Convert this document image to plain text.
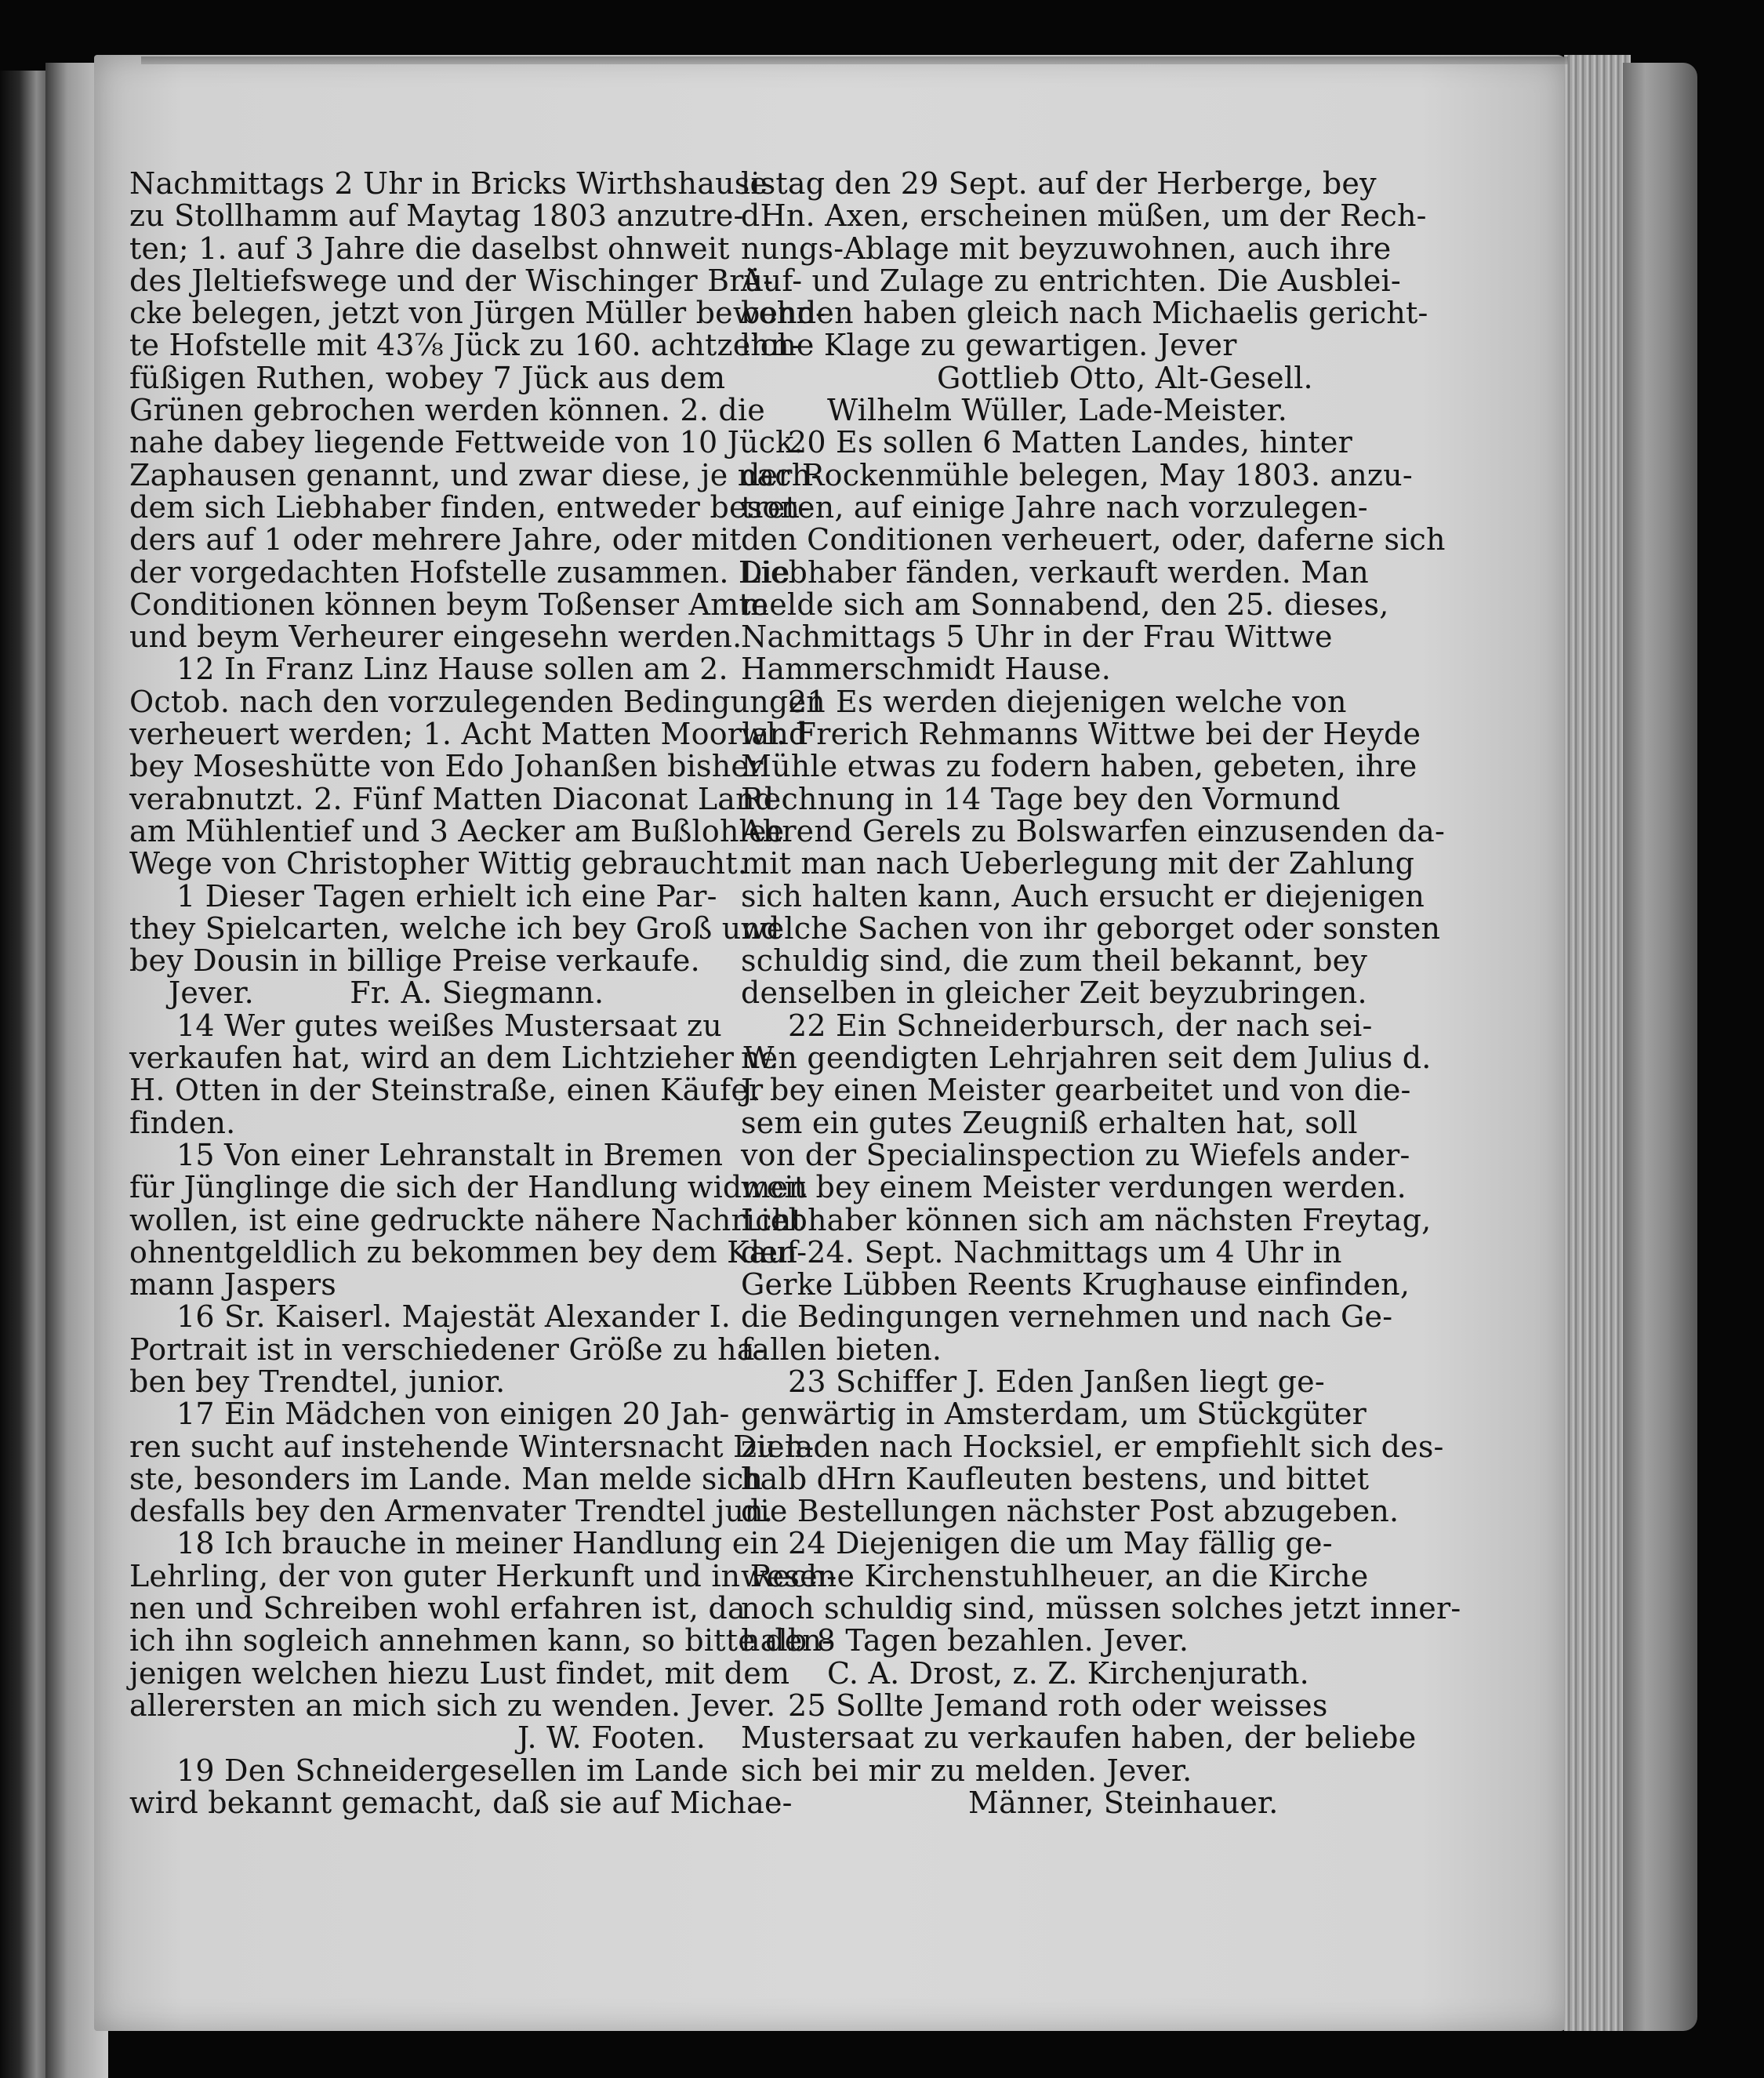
Nachmittags 2 Uhr in Bricks Wirthshause
zu Stollhamm auf Maytag 1803 anzutre-
ten; 1. auf 3 Jahre die daselbst ohnweit
des Jleltiefswege und der Wischinger Brü-
cke belegen, jetzt von Jürgen Müller bewohn-
te Hofstelle mit 43⅞ Jück zu 160. achtzehn-
füßigen Ruthen, wobey 7 Jück aus dem
Grünen gebrochen werden können. 2. die
nahe dabey liegende Fettweide von 10 Jück.
Zaphausen genannt, und zwar diese, je nach-
dem sich Liebhaber finden, entweder beson-
ders auf 1 oder mehrere Jahre, oder mit
der vorgedachten Hofstelle zusammen. Die
Conditionen können beym Toßenser Amte
und beym Verheurer eingesehn werden.
12 In Franz Linz Hause sollen am 2.
Octob. nach den vorzulegenden Bedingungen
verheuert werden; 1. Acht Matten Moorland
bey Moseshütte von Edo Johanßen bisher
verabnutzt. 2. Fünf Matten Diaconat Land
am Mühlentief und 3 Aecker am Bußlohlee
Wege von Christopher Wittig gebraucht.
1 Dieser Tagen erhielt ich eine Par-
they Spielcarten, welche ich bey Groß und
bey Dousin in billige Preise verkaufe.
Jever.	Fr. A. Siegmann.
14 Wer gutes weißes Mustersaat zu
verkaufen hat, wird an dem Lichtzieher W.
H. Otten in der Steinstraße, einen Käufer
finden.
15 Von einer Lehranstalt in Bremen
für Jünglinge die sich der Handlung widmen
wollen, ist eine gedruckte nähere Nachricht
ohnentgeldlich zu bekommen bey dem Kauf-
mann Jaspers
16 Sr. Kaiserl. Majestät Alexander I.
Portrait ist in verschiedener Größe zu ha-
ben bey Trendtel, junior.
17 Ein Mädchen von einigen 20 Jah-
ren sucht auf instehende Wintersnacht Dien-
ste, besonders im Lande. Man melde sich
desfalls bey den Armenvater Trendtel jun.
18 Ich brauche in meiner Handlung ein
Lehrling, der von guter Herkunft und in Rech-
nen und Schreiben wohl erfahren ist, da
ich ihn sogleich annehmen kann, so bitte den-
jenigen welchen hiezu Lust findet, mit dem
allerersten an mich sich zu wenden. Jever.
J. W. Footen.
19 Den Schneidergesellen im Lande
wird bekannt gemacht, daß sie auf Michae-
listag den 29 Sept. auf der Herberge, bey
dHn. Axen, erscheinen müßen, um der Rech-
nungs-Ablage mit beyzuwohnen, auch ihre
Auf- und Zulage zu entrichten. Die Ausblei-
benden haben gleich nach Michaelis gericht-
liche Klage zu gewartigen. Jever
Gottlieb Otto, Alt-Gesell.
Wilhelm Wüller, Lade-Meister.
20 Es sollen 6 Matten Landes, hinter
der Rockenmühle belegen, May 1803. anzu-
treten, auf einige Jahre nach vorzulegen-
den Conditionen verheuert, oder, daferne sich
Liebhaber fänden, verkauft werden. Man
melde sich am Sonnabend, den 25. dieses,
Nachmittags 5 Uhr in der Frau Wittwe
Hammerschmidt Hause.
21 Es werden diejenigen welche von
wl. Frerich Rehmanns Wittwe bei der Heyde
Mühle etwas zu fodern haben, gebeten, ihre
Rechnung in 14 Tage bey den Vormund
Ahrend Gerels zu Bolswarfen einzusenden da-
mit man nach Ueberlegung mit der Zahlung
sich halten kann, Auch ersucht er diejenigen
welche Sachen von ihr geborget oder sonsten
schuldig sind, die zum theil bekannt, bey
denselben in gleicher Zeit beyzubringen.
22 Ein Schneiderbursch, der nach sei-
nen geendigten Lehrjahren seit dem Julius d.
J. bey einen Meister gearbeitet und von die-
sem ein gutes Zeugniß erhalten hat, soll
von der Specialinspection zu Wiefels ander-
weit bey einem Meister verdungen werden.
Liebhaber können sich am nächsten Freytag,
den 24. Sept. Nachmittags um 4 Uhr in
Gerke Lübben Reents Krughause einfinden,
die Bedingungen vernehmen und nach Ge-
fallen bieten.
23 Schiffer J. Eden Janßen liegt ge-
genwärtig in Amsterdam, um Stückgüter
zu laden nach Hocksiel, er empfiehlt sich des-
halb dHrn Kaufleuten bestens, und bittet
die Bestellungen nächster Post abzugeben.
24 Diejenigen die um May fällig ge-
wesene Kirchenstuhlheuer, an die Kirche
noch schuldig sind, müssen solches jetzt inner-
halb 8 Tagen bezahlen. Jever.
C. A. Drost, z. Z. Kirchenjurath.
25 Sollte Jemand roth oder weisses
Mustersaat zu verkaufen haben, der beliebe
sich bei mir zu melden. Jever.
Männer, Steinhauer.
